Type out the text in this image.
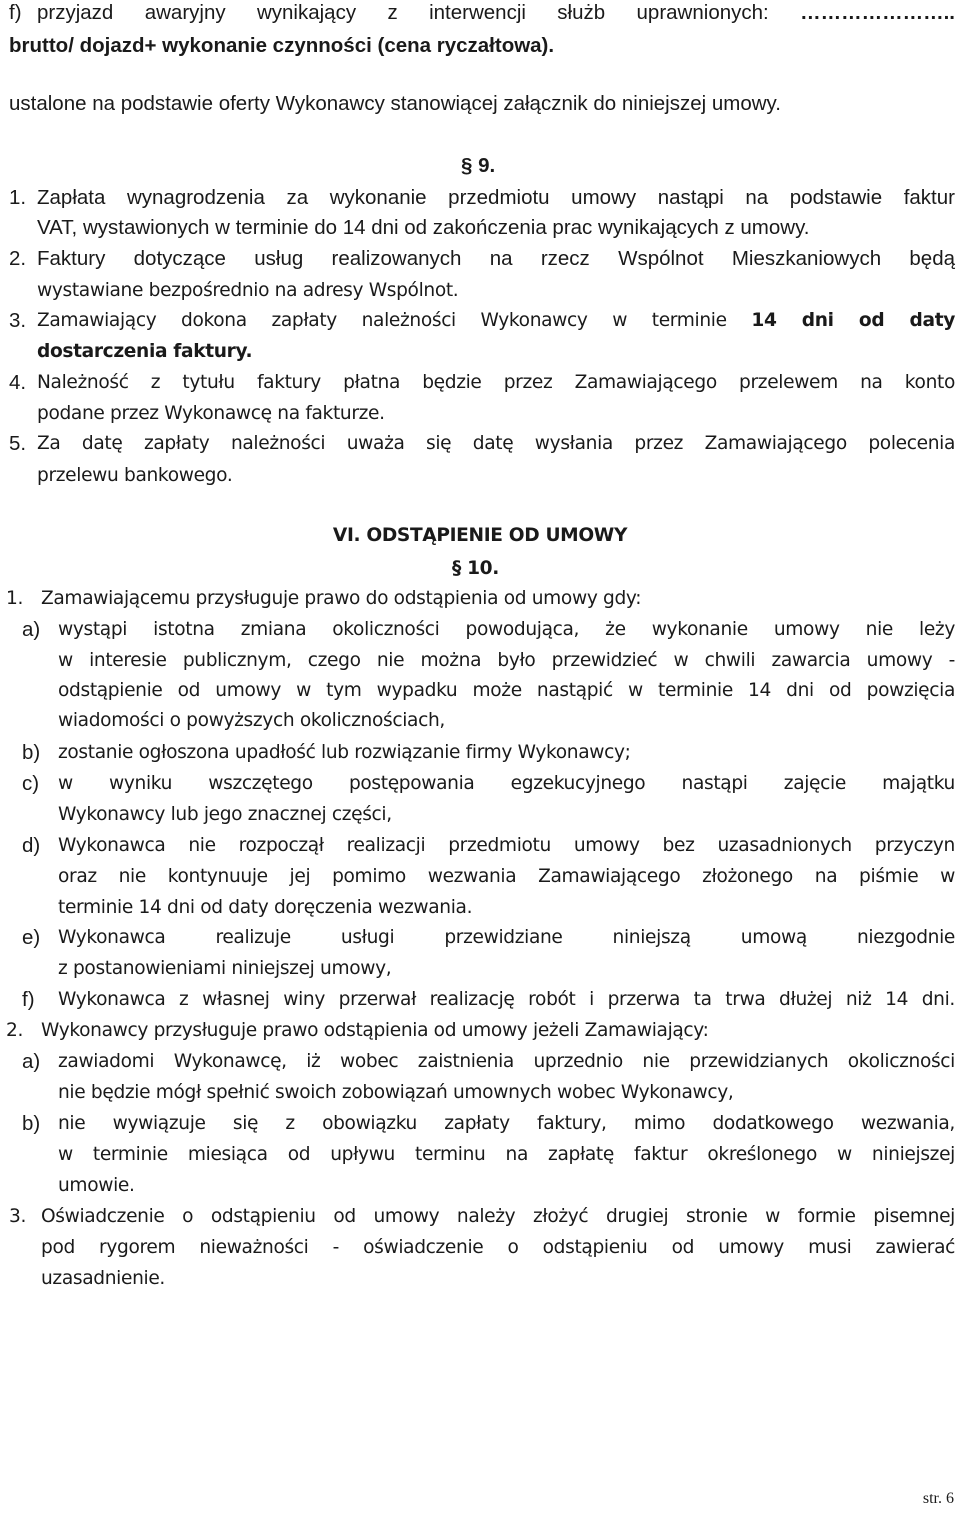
f) przyjazd awaryjny wynikający z interwencji służb uprawnionych: …………………..
brutto/ dojazd+ wykonanie czynności (cena ryczałtowa).
ustalone na podstawie oferty Wykonawcy stanowiącej załącznik do niniejszej umowy.
§ 9.
1. Zapłata wynagrodzenia za wykonanie przedmiotu umowy nastąpi na podstawie faktur
VAT, wystawionych w terminie do 14 dni od zakończenia prac wynikających z umowy.
2. Faktury dotyczące usług realizowanych na rzecz Wspólnot Mieszkaniowych będą
wystawiane bezpośrednio na adresy Wspólnot.
3. Zamawiający dokona zapłaty należności Wykonawcy w terminie 14 dni od daty
dostarczenia faktury.
4. Należność z tytułu faktury płatna będzie przez Zamawiającego przelewem na konto
podane przez Wykonawcę na fakturze.
5. Za datę zapłaty należności uważa się datę wysłania przez Zamawiającego polecenia
przelewu bankowego.
VI. ODSTĄPIENIE OD UMOWY
§ 10.
1. Zamawiającemu przysługuje prawo do odstąpienia od umowy gdy:
a) wystąpi istotna zmiana okoliczności powodująca, że wykonanie umowy nie leży
w interesie publicznym, czego nie można było przewidzieć w chwili zawarcia umowy -
odstąpienie od umowy w tym wypadku może nastąpić w terminie 14 dni od powzięcia
wiadomości o powyższych okolicznościach,
b) zostanie ogłoszona upadłość lub rozwiązanie firmy Wykonawcy;
c) w wyniku wszczętego postępowania egzekucyjnego nastąpi zajęcie majątku
Wykonawcy lub jego znacznej części,
d) Wykonawca nie rozpoczął realizacji przedmiotu umowy bez uzasadnionych przyczyn
oraz nie kontynuuje jej pomimo wezwania Zamawiającego złożonego na piśmie w
terminie 14 dni od daty doręczenia wezwania.
e) Wykonawca realizuje usługi przewidziane niniejszą umową niezgodnie
z postanowieniami niniejszej umowy,
f) Wykonawca z własnej winy przerwał realizację robót i przerwa ta trwa dłużej niż 14 dni.
2. Wykonawcy przysługuje prawo odstąpienia od umowy jeżeli Zamawiający:
a) zawiadomi Wykonawcę, iż wobec zaistnienia uprzednio nie przewidzianych okoliczności
nie będzie mógł spełnić swoich zobowiązań umownych wobec Wykonawcy,
b) nie wywiązuje się z obowiązku zapłaty faktury, mimo dodatkowego wezwania,
w terminie miesiąca od upływu terminu na zapłatę faktur określonego w niniejszej
umowie.
3. Oświadczenie o odstąpieniu od umowy należy złożyć drugiej stronie w formie pisemnej
pod rygorem nieważności - oświadczenie o odstąpieniu od umowy musi zawierać
uzasadnienie.
str. 6
